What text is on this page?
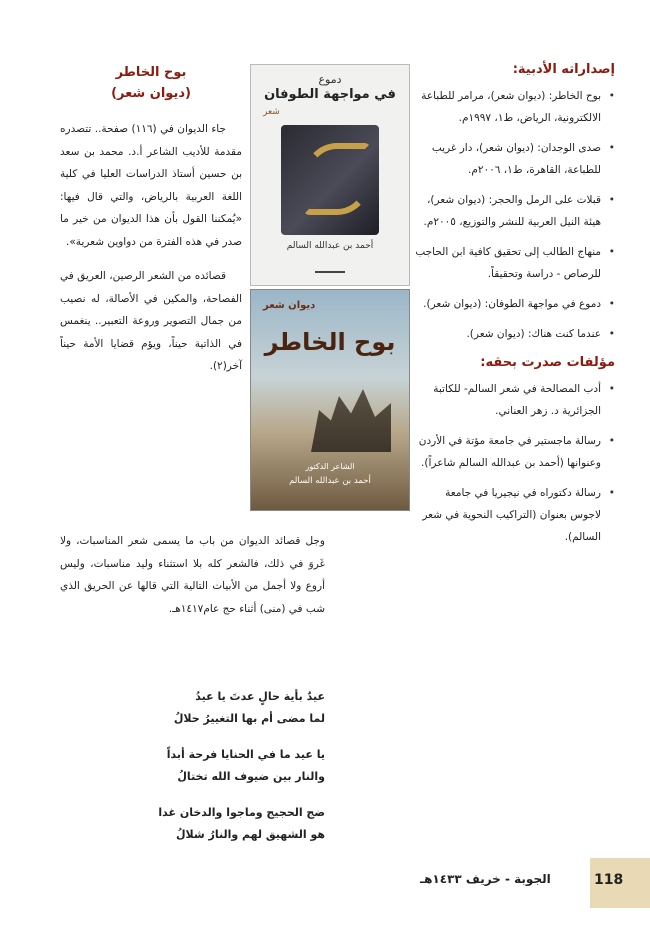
إصداراته الأدبية:
• بوح الخاطر: (ديوان شعر)، مرامر للطباعة الالكترونية، الرياض، ط١، ١٩٩٧م.
• صدى الوجدان: (ديوان شعر)، دار غريب للطباعة، القاهرة، ط١، ٢٠٠٦م.
• قبلات على الرمل والحجر: (ديوان شعر)، هيئة النيل العربية للنشر والتوزيع، ٢٠٠٥م.
• منهاج الطالب إلى تحقيق كافية ابن الحاجب للرصاص - دراسة وتحقيقاً.
• دموع في مواجهة الطوفان: (ديوان شعر).
• عندما كنت هناك: (ديوان شعر).
مؤلفات صدرت بحقه:
• أدب المصالحة في شعر السالم- للكاتبة الجزائرية د. زهر العناني.
• رسالة ماجستير في جامعة مؤتة في الأردن وعنوانها (أحمد بن عبدالله السالم شاعراً).
• رسالة دكتوراه في نيجيريا في جامعة لاجوس بعنوان (التراكيب النحوية في شعر السالم).
دموع
في مواجهة الطوفان
شعر
أحمد بن عبدالله السالم
ديوان شعر
بوح الخاطر
الشاعر الدكتور
أحمد بن عبدالله السالم
بوح الخاطر
(ديوان شعر)

جاء الديوان في (١١٦) صفحة.. تتصدره مقدمة للأديب الشاعر أ.د. محمد بن سعد بن حسين أستاذ الدراسات العليا في كلية اللغة العربية بالرياض، والتي قال فيها: «يُمكننا القول بأن هذا الديوان من خير ما صدر في هذه الفترة من دواوين شعرية».

قصائده من الشعر الرصين، العريق في الفصاحة، والمكين في الأصالة، له نصيب من جمال التصوير وروعة التعبير.. ينغمس في الذاتية حيناً، ويؤم قضايا الأمة حيناً آخر(٢).

وجل قصائد الديوان من باب ما يسمى شعر المناسبات، ولا غَروَ في ذلك، فالشعر كله بلا استثناء وليد مناسبات، وليس أروع ولا أجمل من الأبيات التالية التي قالها عن الحريق الذي شب في (منى) أثناء حج عام١٤١٧هـ.

عيدٌ بأية حالٍ عدتَ يا عيدُ

لما مضى أم بها التغييرُ حلالُ

يا عيد ما في الحنايا فرحة أبداً

والنار بين ضيوف الله تختالُ

ضج الحجيج وماجوا والدخان غدا

هو الشهيق لهم والنارُ شلالُ

الجوبة - خريف ١٤٣٣هـ	118
